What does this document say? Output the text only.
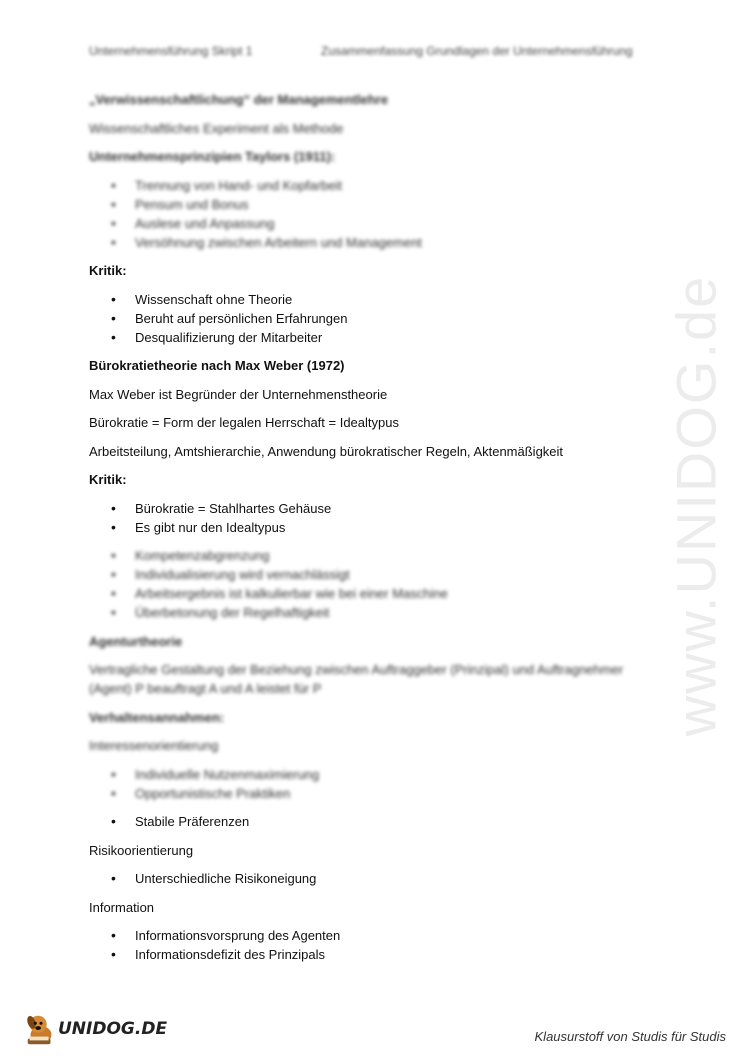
Unternehmensführung Skript 1	Zusammenfassung Grundlagen der Unternehmensführung
www.UNIDOG.de

„Verwissenschaftlichung“ der Managementlehre

Wissenschaftliches Experiment als Methode

Unternehmensprinzipien Taylors (1911):

• Trennung von Hand- und Kopfarbeit
• Pensum und Bonus
• Auslese und Anpassung
• Versöhnung zwischen Arbeitern und Management

Kritik:

• Wissenschaft ohne Theorie
• Beruht auf persönlichen Erfahrungen
• Desqualifizierung der Mitarbeiter

Bürokratietheorie nach Max Weber (1972)

Max Weber ist Begründer der Unternehmenstheorie

Bürokratie = Form der legalen Herrschaft = Idealtypus

Arbeitsteilung, Amtshierarchie, Anwendung bürokratischer Regeln, Aktenmäßigkeit

Kritik:

• Bürokratie = Stahlhartes Gehäuse
• Es gibt nur den Idealtypus
• Kompetenzabgrenzung
• Individualisierung wird vernachlässigt
• Arbeitsergebnis ist kalkulierbar wie bei einer Maschine
• Überbetonung der Regelhaftigkeit

Agenturtheorie

Vertragliche Gestaltung der Beziehung zwischen Auftraggeber (Prinzipal) und Auftragnehmer (Agent) P beauftragt A und A leistet für P

Verhaltensannahmen:

Interessenorientierung

• Individuelle Nutzenmaximierung
• Opportunistische Praktiken
• Stabile Präferenzen

Risikoorientierung

• Unterschiedliche Risikoneigung

Information

• Informationsvorsprung des Agenten
• Informationsdefizit des Prinzipals
UNIDOG.DE	Klausurstoff von Studis für Studis
